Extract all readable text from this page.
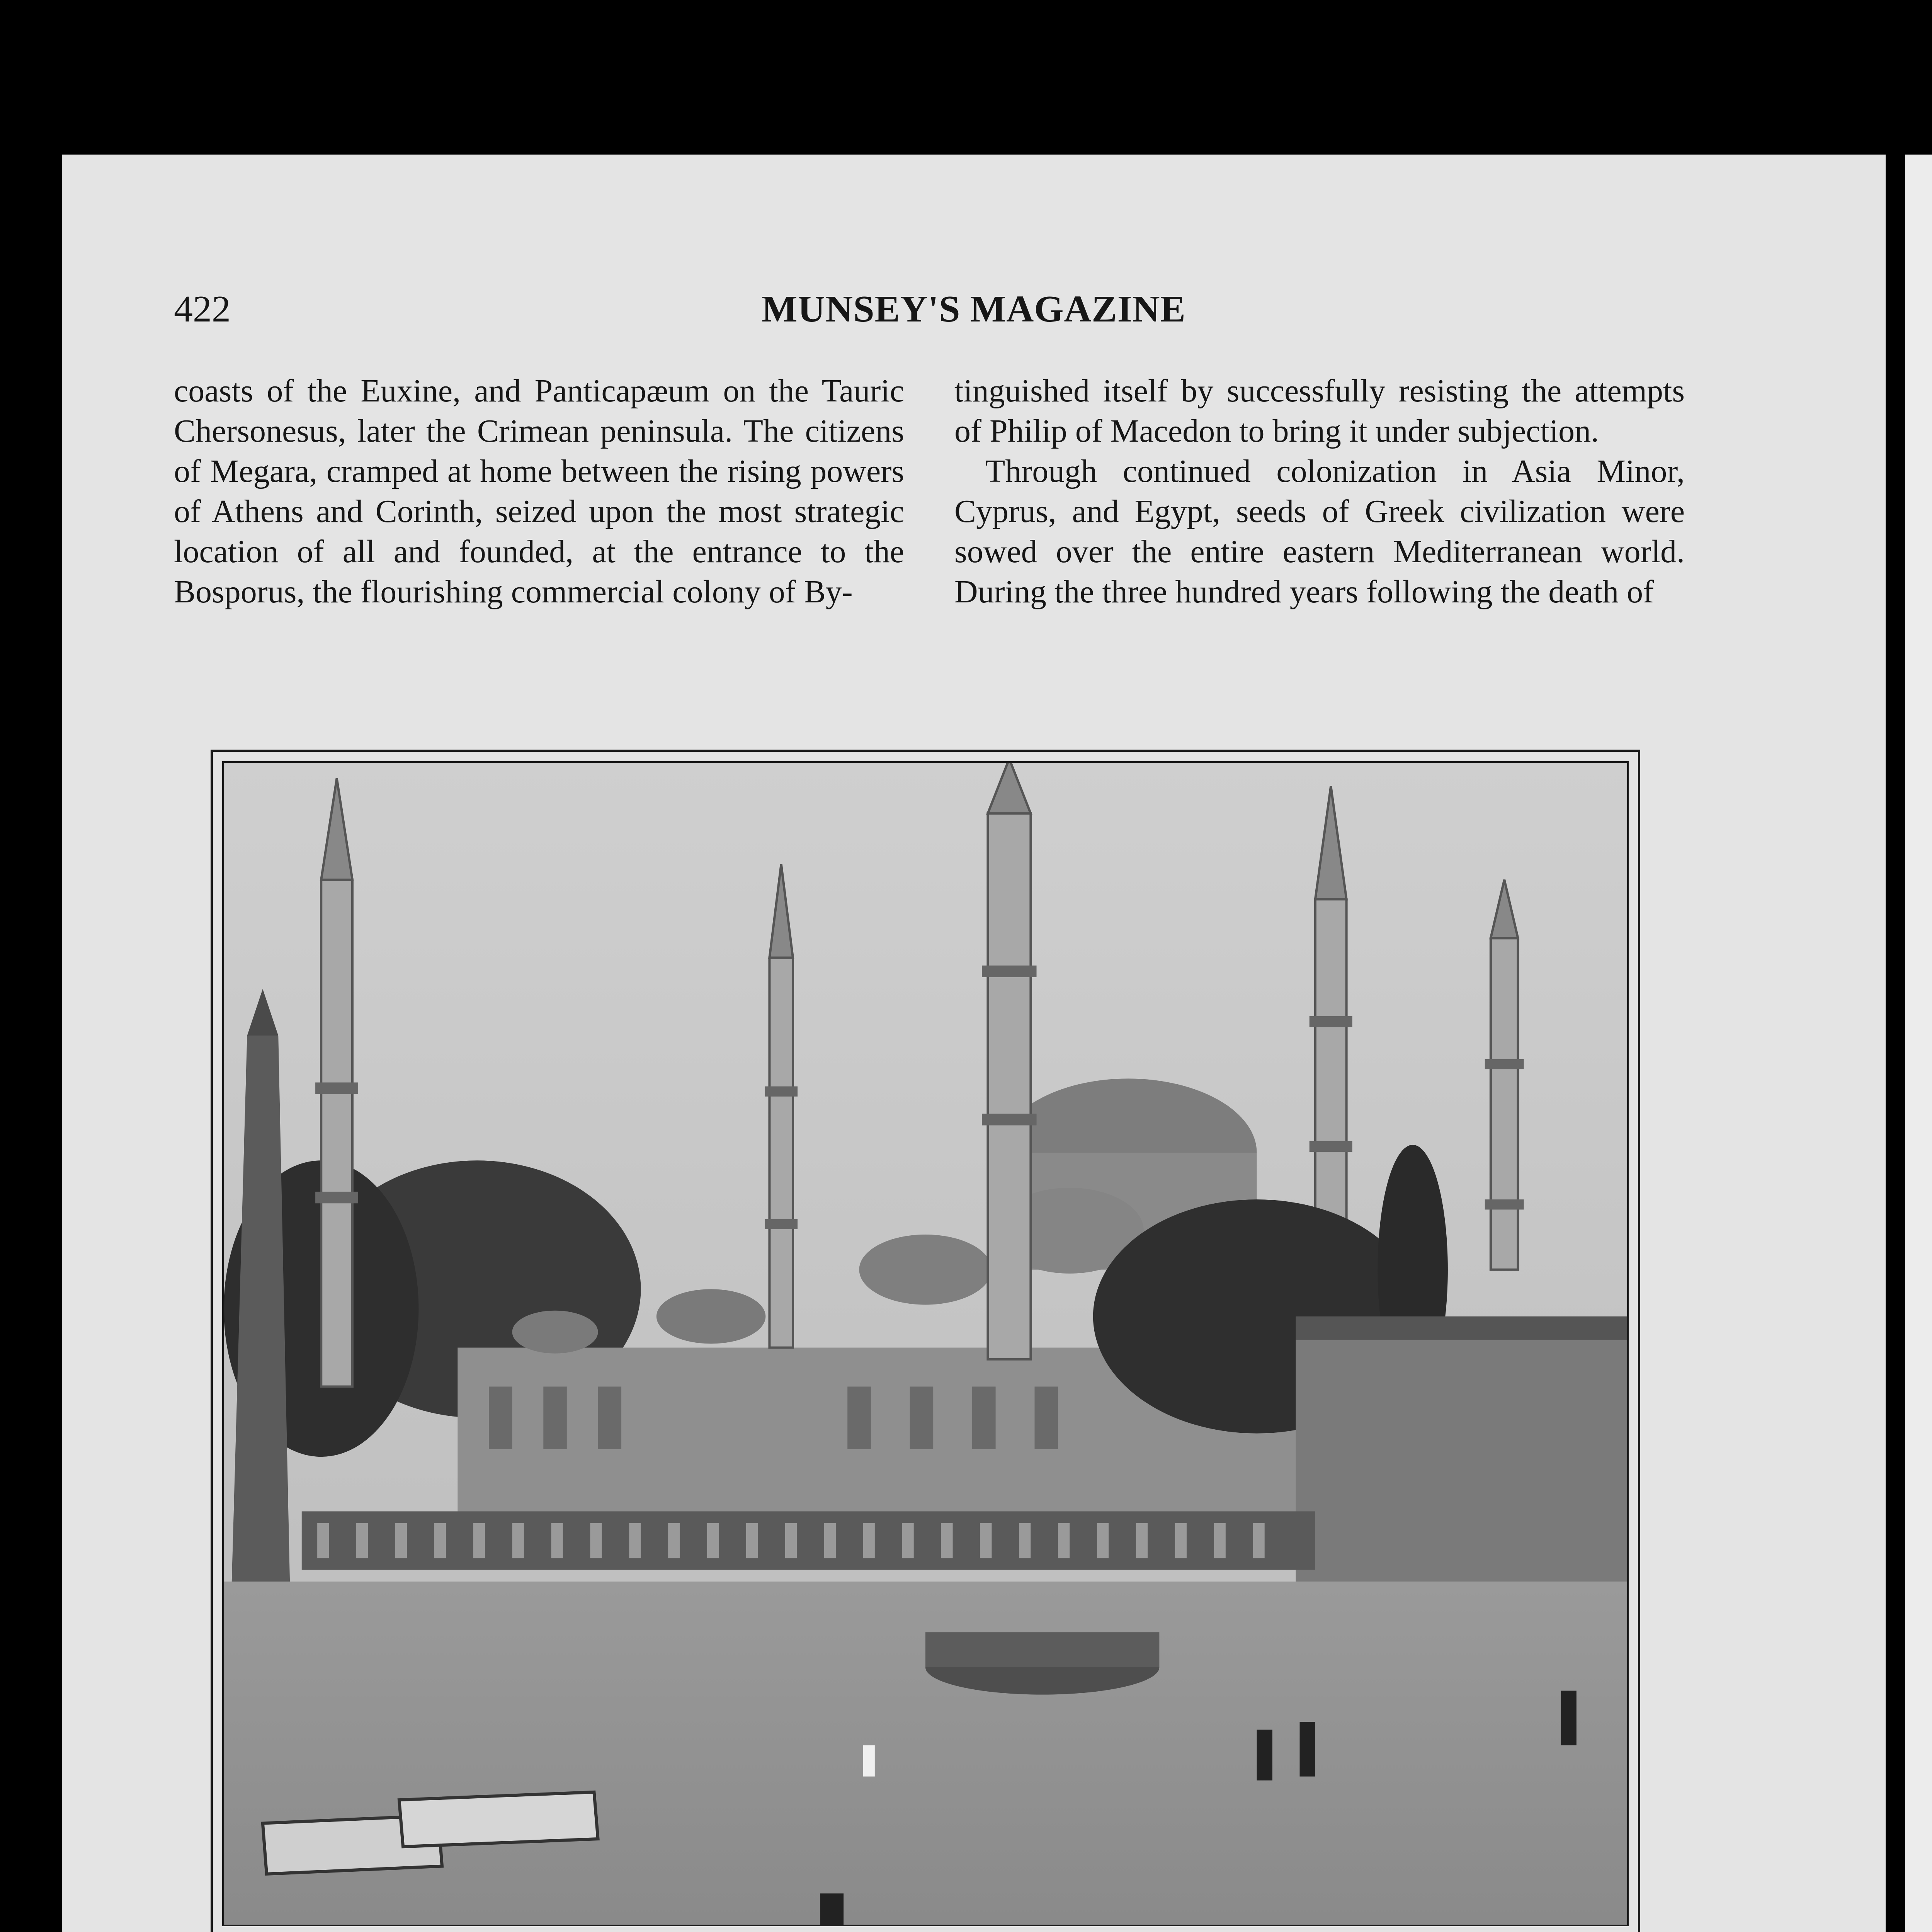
422	MUNSEY'S MAGAZINE

coasts of the Euxine, and Panticapæum on the Tauric Chersonesus, later the Crimean peninsula. The citizens of Megara, cramped at home between the rising powers of Athens and Corinth, seized upon the most strategic location of all and founded, at the entrance to the Bosporus, the flourishing commercial colony of By-

tinguished itself by successfully resisting the attempts of Philip of Macedon to bring it under subjection.

Through continued colonization in Asia Minor, Cyprus, and Egypt, seeds of Greek civilization were sowed over the entire eastern Mediterranean world. During the three hundred years following the death of
